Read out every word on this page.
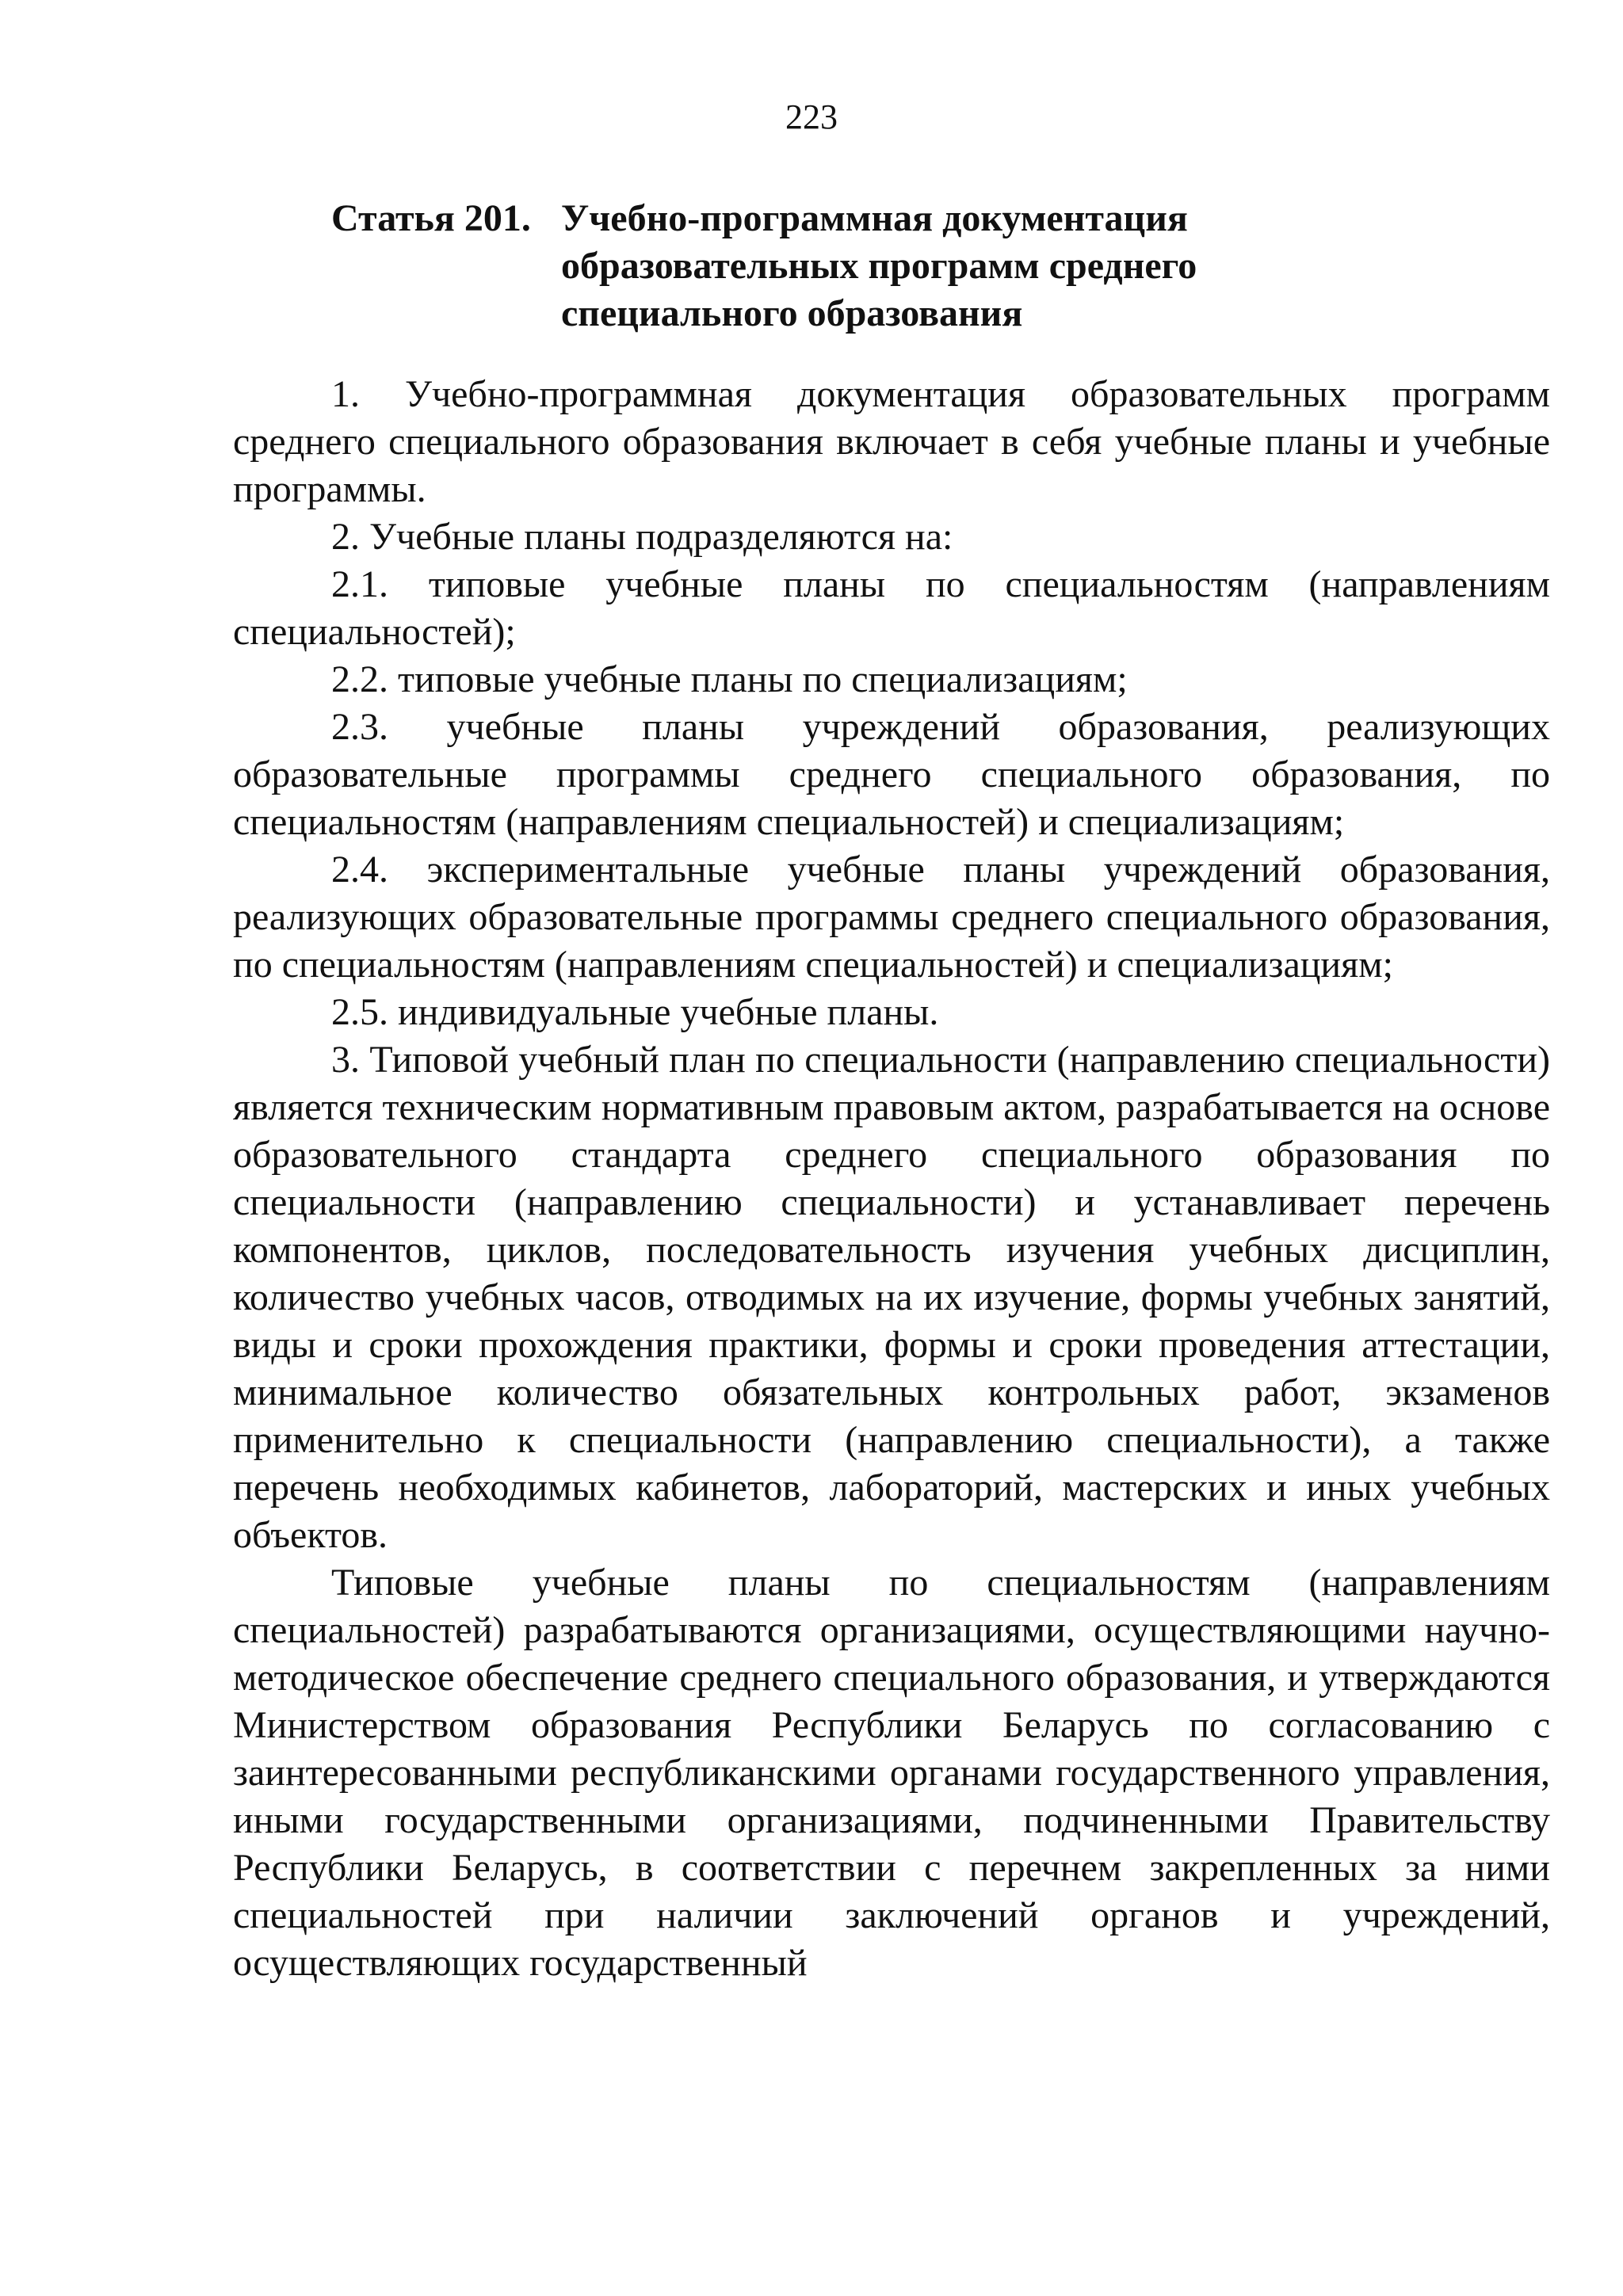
223
Статья 201. Учебно-программная документация
образовательных программ среднего
специального образования

1. Учебно-программная документация образовательных программ среднего специального образования включает в себя учебные планы и учебные программы.

2. Учебные планы подразделяются на:

2.1. типовые учебные планы по специальностям (направлениям специальностей);

2.2. типовые учебные планы по специализациям;

2.3. учебные планы учреждений образования, реализующих образовательные программы среднего специального образования, по специальностям (направлениям специальностей) и специализациям;

2.4. экспериментальные учебные планы учреждений образования, реализующих образовательные программы среднего специального образования, по специальностям (направлениям специальностей) и специализациям;

2.5. индивидуальные учебные планы.

3. Типовой учебный план по специальности (направлению специальности) является техническим нормативным правовым актом, разрабатывается на основе образовательного стандарта среднего специального образования по специальности (направлению специальности) и устанавливает перечень компонентов, циклов, последовательность изучения учебных дисциплин, количество учебных часов, отводимых на их изучение, формы учебных занятий, виды и сроки прохождения практики, формы и сроки проведения аттестации, минимальное количество обязательных контрольных работ, экзаменов применительно к специальности (направлению специальности), а также перечень необходимых кабинетов, лабораторий, мастерских и иных учебных объектов.

Типовые учебные планы по специальностям (направлениям специальностей) разрабатываются организациями, осуществляющими научно-методическое обеспечение среднего специального образования, и утверждаются Министерством образования Республики Беларусь по согласованию с заинтересованными республиканскими органами государственного управления, иными государственными организациями, подчиненными Правительству Республики Беларусь, в соответствии с перечнем закрепленных за ними специальностей при наличии заключений органов и учреждений, осуществляющих государственный
